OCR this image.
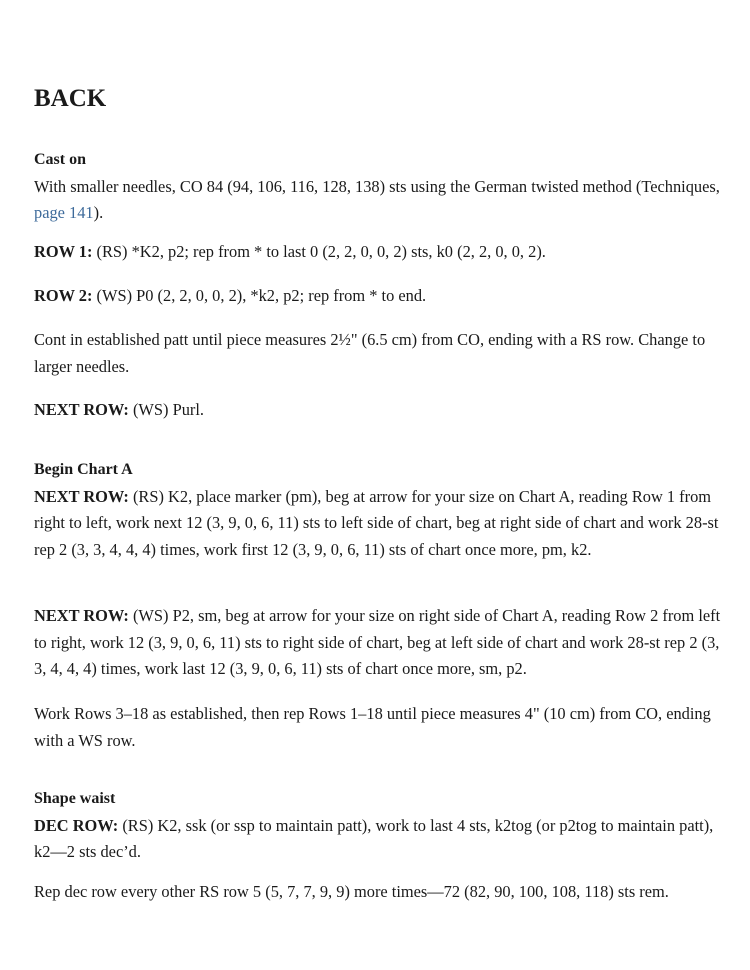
BACK

Cast on
With smaller needles, CO 84 (94, 106, 116, 128, 138) sts using the German twisted method (Techniques, page 141).

ROW 1: (RS) *K2, p2; rep from * to last 0 (2, 2, 0, 0, 2) sts, k0 (2, 2, 0, 0, 2).

ROW 2: (WS) P0 (2, 2, 0, 0, 2), *k2, p2; rep from * to end.

Cont in established patt until piece measures 2½" (6.5 cm) from CO, ending with a RS row. Change to larger needles.

NEXT ROW: (WS) Purl.

Begin Chart A
NEXT ROW: (RS) K2, place marker (pm), beg at arrow for your size on Chart A, reading Row 1 from right to left, work next 12 (3, 9, 0, 6, 11) sts to left side of chart, beg at right side of chart and work 28-st rep 2 (3, 3, 4, 4, 4) times, work first 12 (3, 9, 0, 6, 11) sts of chart once more, pm, k2.

NEXT ROW: (WS) P2, sm, beg at arrow for your size on right side of Chart A, reading Row 2 from left to right, work 12 (3, 9, 0, 6, 11) sts to right side of chart, beg at left side of chart and work 28-st rep 2 (3, 3, 4, 4, 4) times, work last 12 (3, 9, 0, 6, 11) sts of chart once more, sm, p2.

Work Rows 3–18 as established, then rep Rows 1–18 until piece measures 4" (10 cm) from CO, ending with a WS row.

Shape waist
DEC ROW: (RS) K2, ssk (or ssp to maintain patt), work to last 4 sts, k2tog (or p2tog to maintain patt), k2—2 sts dec’d.

Rep dec row every other RS row 5 (5, 7, 7, 9, 9) more times—72 (82, 90, 100, 108, 118) sts rem.
